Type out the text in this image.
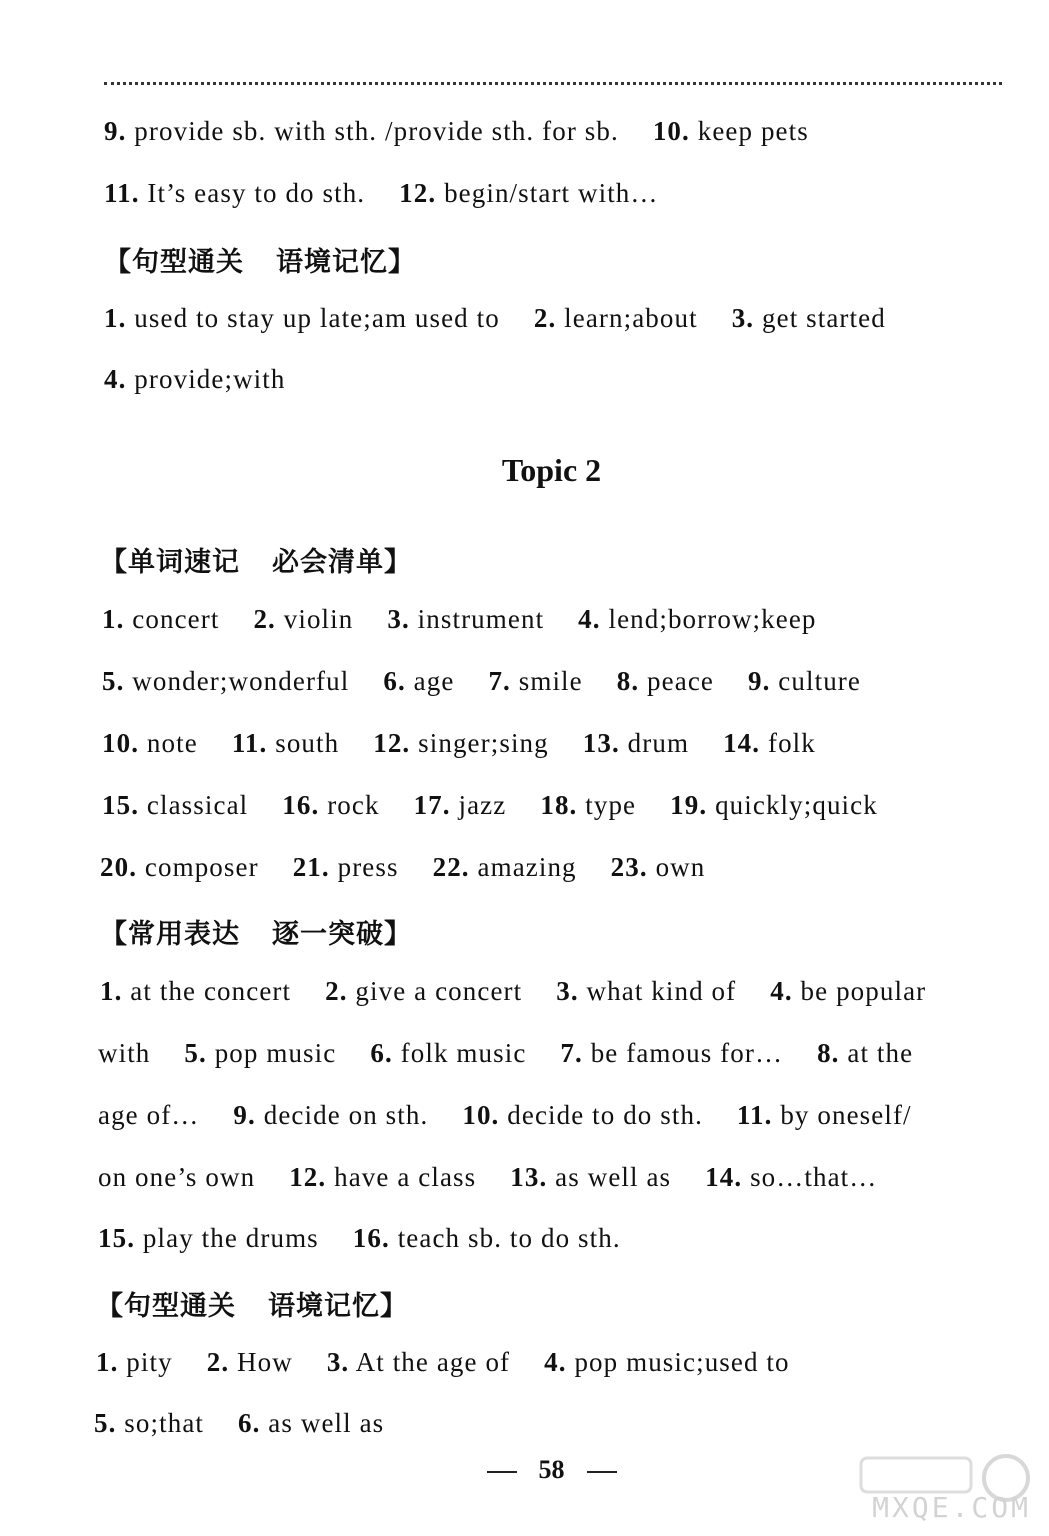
9. provide sb. with sth. /provide sth. for sb. 10. keep pets
11. It’s easy to do sth. 12. begin/start with…
【句型通关 语境记忆】
1. used to stay up late;am used to 2. learn;about 3. get started
4. provide;with
Topic 2
【单词速记 必会清单】
1. concert 2. violin 3. instrument 4. lend;borrow;keep
5. wonder;wonderful 6. age 7. smile 8. peace 9. culture
10. note 11. south 12. singer;sing 13. drum 14. folk
15. classical 16. rock 17. jazz 18. type 19. quickly;quick
20. composer 21. press 22. amazing 23. own
【常用表达 逐一突破】
1. at the concert 2. give a concert 3. what kind of 4. be popular
with 5. pop music 6. folk music 7. be famous for… 8. at the
age of… 9. decide on sth. 10. decide to do sth. 11. by oneself/
on one’s own 12. have a class 13. as well as 14. so…that…
15. play the drums 16. teach sb. to do sth.
【句型通关 语境记忆】
1. pity 2. How 3. At the age of 4. pop music;used to
5. so;that 6. as well as
58
MXQE.COM
